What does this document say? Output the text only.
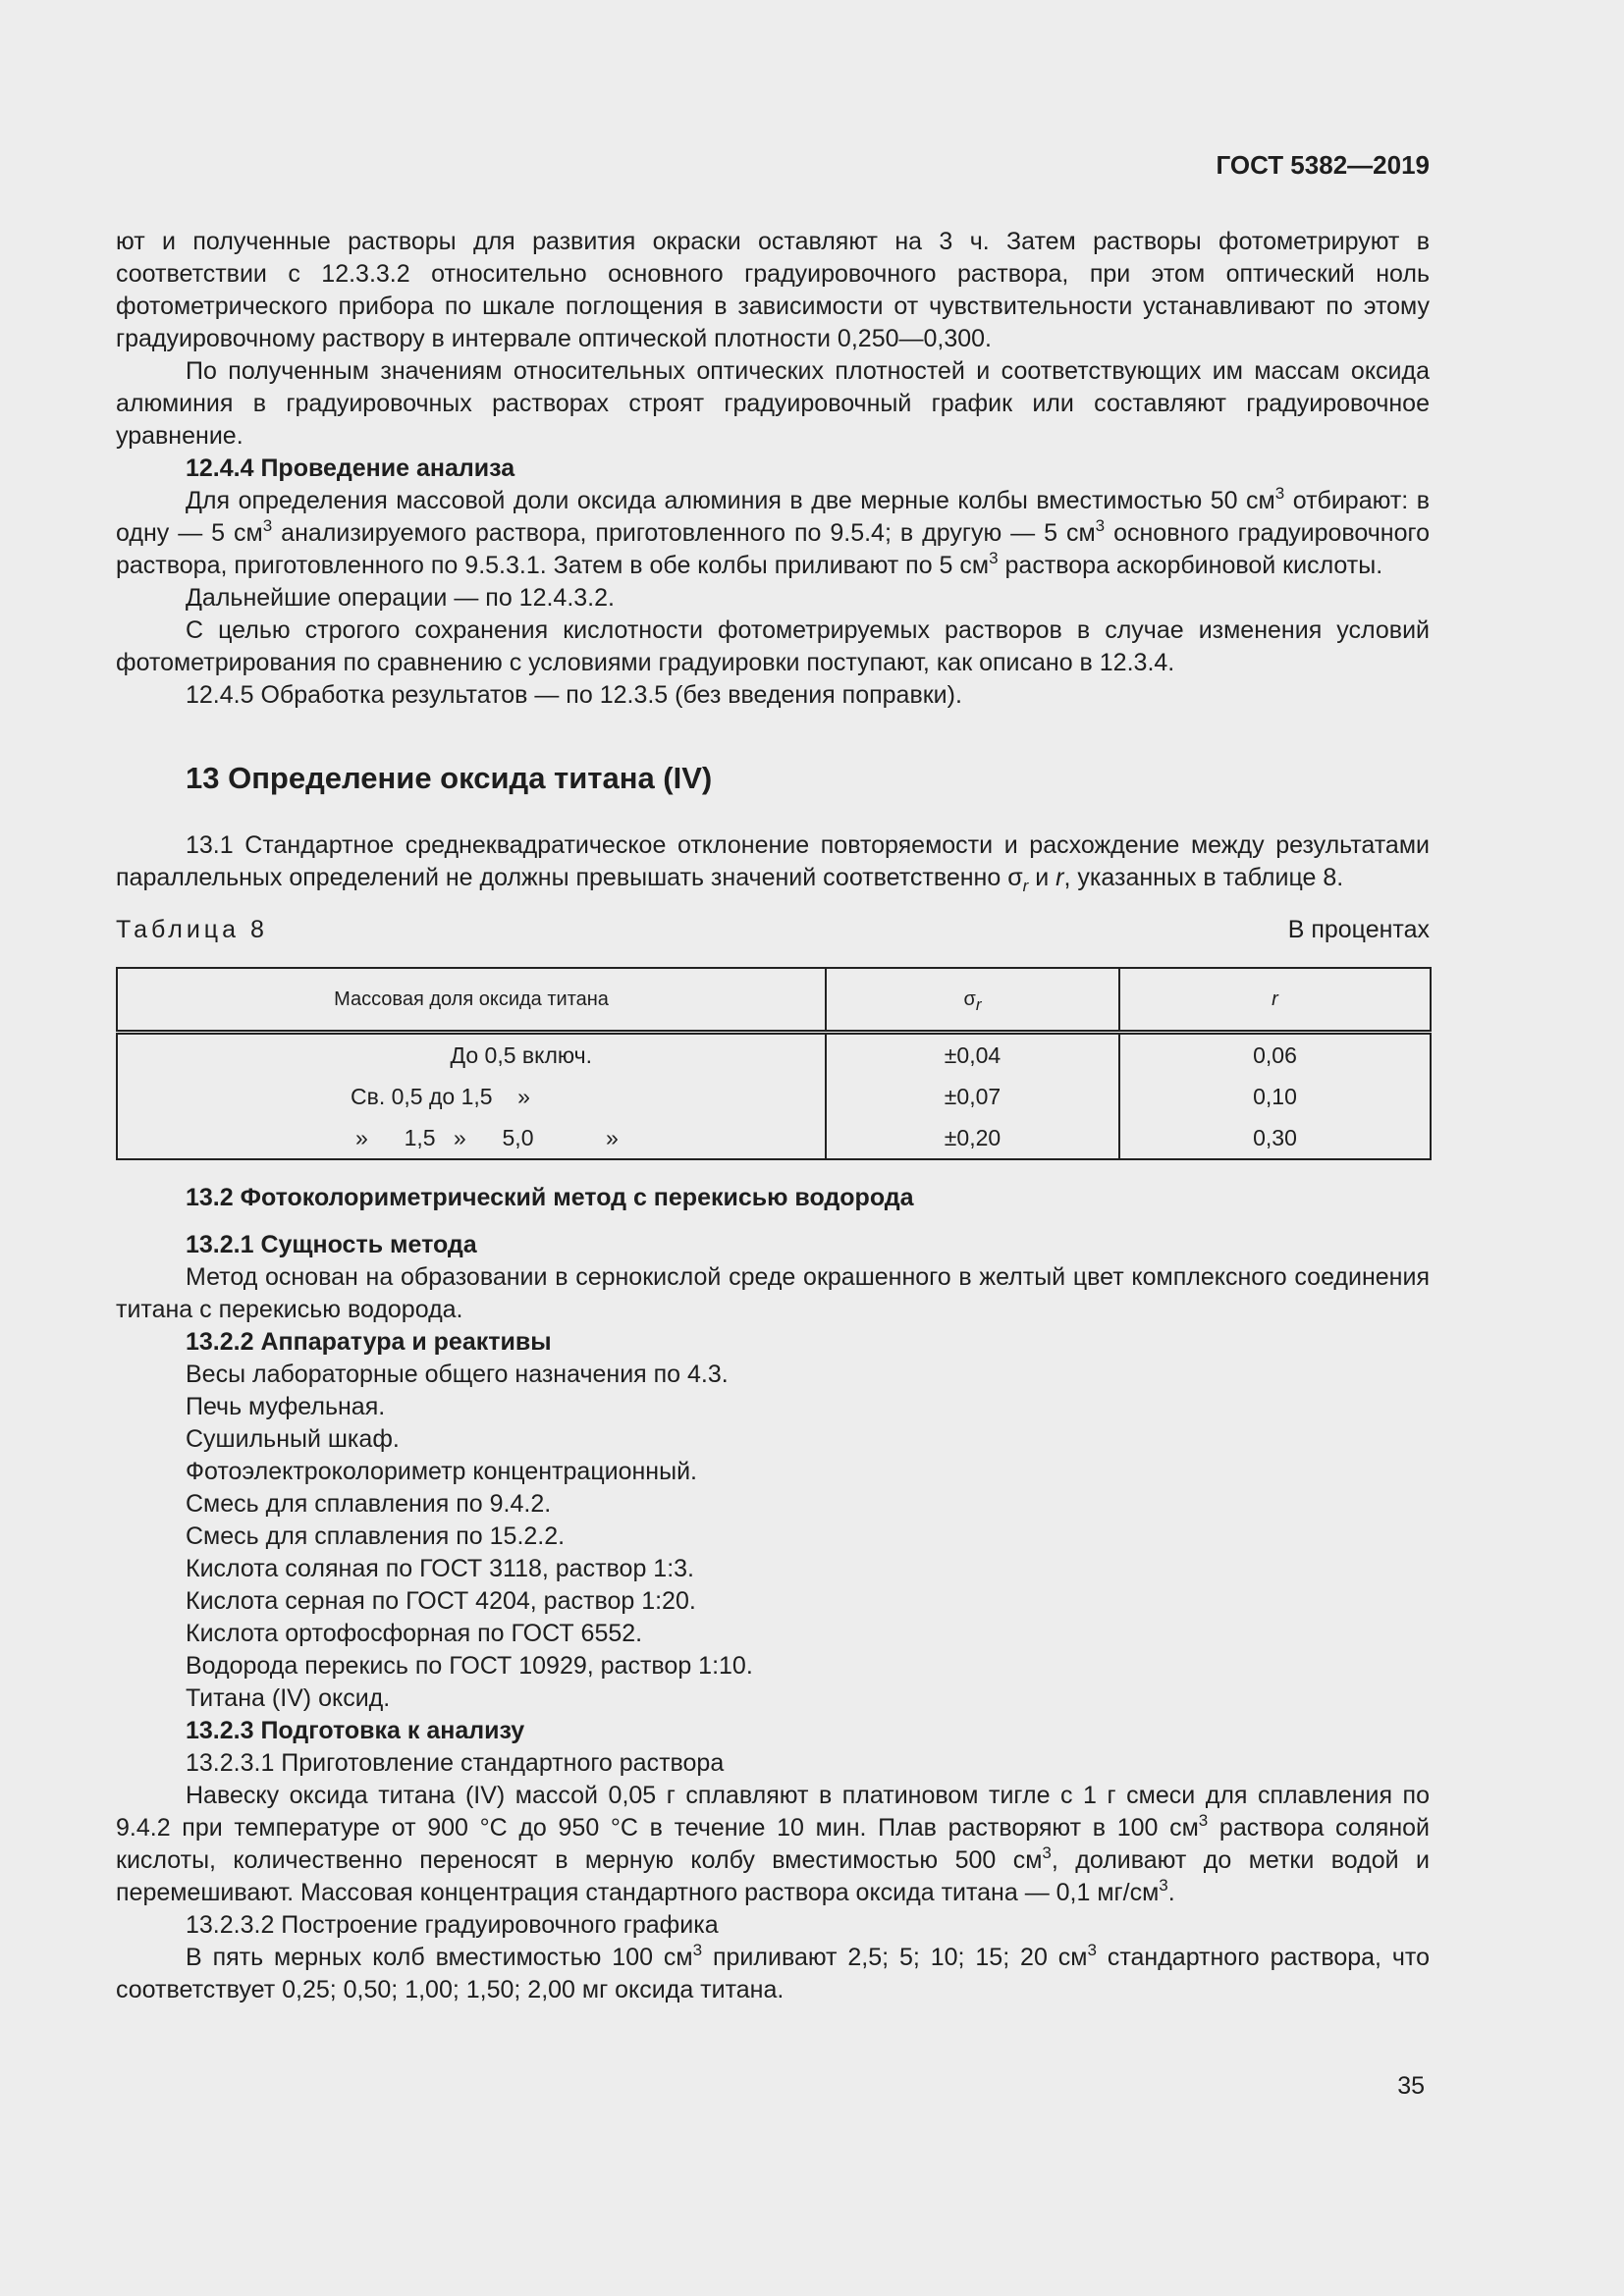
ГОСТ 5382—2019

ют и полученные растворы для развития окраски оставляют на 3 ч. Затем растворы фотометрируют в соответствии с 12.3.3.2 относительно основного градуировочного раствора, при этом оптический ноль фотометрического прибора по шкале поглощения в зависимости от чувствительности устанавливают по этому градуировочному раствору в интервале оптической плотности 0,250—0,300.

По полученным значениям относительных оптических плотностей и соответствующих им массам оксида алюминия в градуировочных растворах строят градуировочный график или составляют градуировочное уравнение.

12.4.4 Проведение анализа

Для определения массовой доли оксида алюминия в две мерные колбы вместимостью 50 $см^3$ отбирают: в одну — 5 $см^3$ анализируемого раствора, приготовленного по 9.5.4; в другую — 5 $см^3$ основного градуировочного раствора, приготовленного по 9.5.3.1. Затем в обе колбы приливают по 5 $см^3$ раствора аскорбиновой кислоты.

Дальнейшие операции — по 12.4.3.2.

С целью строгого сохранения кислотности фотометрируемых растворов в случае изменения условий фотометрирования по сравнению с условиями градуировки поступают, как описано в 12.3.4.

12.4.5 Обработка результатов — по 12.3.5 (без введения поправки).

13 Определение оксида титана (IV)

13.1 Стандартное среднеквадратическое отклонение повторяемости и расхождение между результатами параллельных определений не должны превышать значений соответственно $\sigma_r$ и r, указанных в таблице 8.

Таблица 8	В процентах
Массовая доля оксида титана	$\sigma_r$	r
До 0,5 включ.	±0,04	0,06
Св. 0,5 до 1,5    »	±0,07	0,10
»  1,5 »  5,0    »	±0,20	0,30

13.2 Фотоколориметрический метод с перекисью водорода

13.2.1 Сущность метода

Метод основан на образовании в сернокислой среде окрашенного в желтый цвет комплексного соединения титана с перекисью водорода.

13.2.2 Аппаратура и реактивы

Весы лабораторные общего назначения по 4.3.

Печь муфельная.

Сушильный шкаф.

Фотоэлектроколориметр концентрационный.

Смесь для сплавления по 9.4.2.

Смесь для сплавления по 15.2.2.

Кислота соляная по ГОСТ 3118, раствор 1:3.

Кислота серная по ГОСТ 4204, раствор 1:20.

Кислота ортофосфорная по ГОСТ 6552.

Водорода перекись по ГОСТ 10929, раствор 1:10.

Титана (IV) оксид.

13.2.3 Подготовка к анализу

13.2.3.1 Приготовление стандартного раствора

Навеску оксида титана (IV) массой 0,05 г сплавляют в платиновом тигле с 1 г смеси для сплавления по 9.4.2 при температуре от 900 °С до 950 °С в течение 10 мин. Плав растворяют в 100 $см^3$ раствора соляной кислоты, количественно переносят в мерную колбу вместимостью 500 $см^3$, доливают до метки водой и перемешивают. Массовая концентрация стандартного раствора оксида титана — 0,1 $мг/см^3$.

13.2.3.2 Построение градуировочного графика

В пять мерных колб вместимостью 100 $см^3$ приливают 2,5; 5; 10; 15; 20 $см^3$ стандартного раствора, что соответствует 0,25; 0,50; 1,00; 1,50; 2,00 мг оксида титана.

35
